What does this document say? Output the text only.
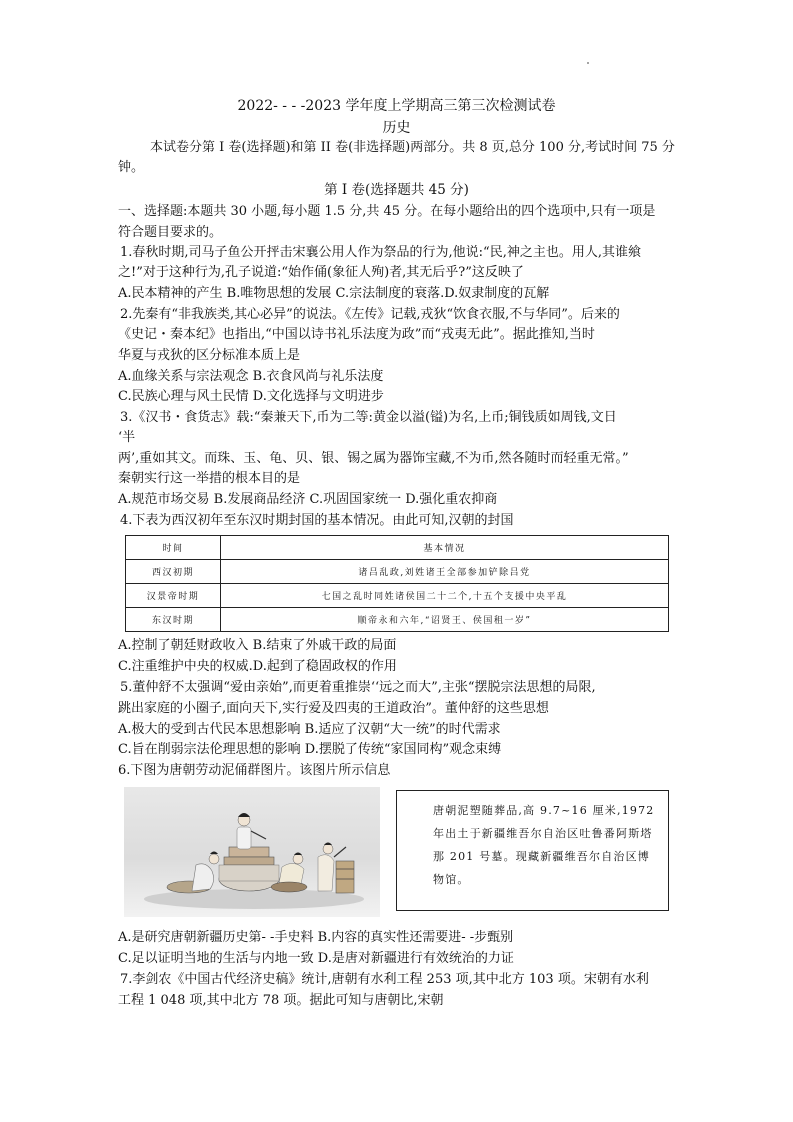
2022- - - -2023 学年度上学期高三第三次检测试卷
历史
本试卷分第 I 卷(选择题)和第 II 卷(非选择题)两部分。共 8 页,总分 100 分,考试时间 75 分
钟。
第 I 卷(选择题共 45 分)
一、选择题:本题共 30 小题,每小题 1.5 分,共 45 分。在每小题给出的四个选项中,只有一项是
符合题目要求的。
1.春秋时期,司马子鱼公开抨击宋襄公用人作为祭品的行为,他说:“民,神之主也。用人,其谁飨
之!”对于这种行为,孔子说道:“始作俑(象征人殉)者,其无后乎?”这反映了
A.民本精神的产生 B.唯物思想的发展 C.宗法制度的衰落.D.奴隶制度的瓦解
2.先秦有“非我族类,其心必异”的说法。《左传》记载,戎狄“饮食衣服,不与华同”。后来的
《史记・秦本纪》也指出,“中国以诗书礼乐法度为政”而“戎夷无此”。据此推知,当时
华夏与戎狄的区分标准本质上是
A.血缘关系与宗法观念 B.衣食风尚与礼乐法度
C.民族心理与风土民情 D.文化选择与文明进步
3.《汉书・食货志》载:“秦兼天下,币为二等:黄金以溢(镒)为名,上币;铜钱质如周钱,文日
‘半
两’,重如其文。而珠、玉、龟、贝、银、锡之属为器饰宝藏,不为币,然各随时而轻重无常。”
秦朝实行这一举措的根本目的是
A.规范市场交易 B.发展商品经济 C.巩固国家统一 D.强化重农抑商
4.下表为西汉初年至东汉时期封国的基本情况。由此可知,汉朝的封国
时间	基本情况
西汉初期	诸吕乱政,刘姓诸王全部参加铲除吕党
汉景帝时期	七国之乱时同姓诸侯国二十二个,十五个支援中央平乱
东汉时期	顺帝永和六年,“诏贤王、侯国租一岁”
A.控制了朝廷财政收入 B.结束了外戚干政的局面
C.注重维护中央的权威.D.起到了稳固政权的作用
5.董仲舒不太强调“爱由亲始”,而更着重推崇‘‘远之而大”,主张“摆脱宗法思想的局限,
跳出家庭的小圈子,面向天下,实行爱及四夷的王道政治”。董仲舒的这些思想
A.极大的受到古代民本思想影响 B.适应了汉朝“大一统”的时代需求
C.旨在削弱宗法伦理思想的影响 D.摆脱了传统“家国同构”观念束缚
6.下图为唐朝劳动泥俑群图片。该图片所示信息
唐朝泥塑随葬品,高 9.7~16 厘米,1972 年出土于新疆维吾尔自治区吐鲁番阿斯塔那 201 号墓。现藏新疆维吾尔自治区博物馆。
A.是研究唐朝新疆历史第- -手史料 B.内容的真实性还需要进- -步甄别
C.足以证明当地的生活与内地一致 D.是唐对新疆进行有效统治的力证
7.李剑农《中国古代经济史稿》统计,唐朝有水利工程 253 项,其中北方 103 项。宋朝有水利
工程 1 048 项,其中北方 78 项。据此可知与唐朝比,宋朝
